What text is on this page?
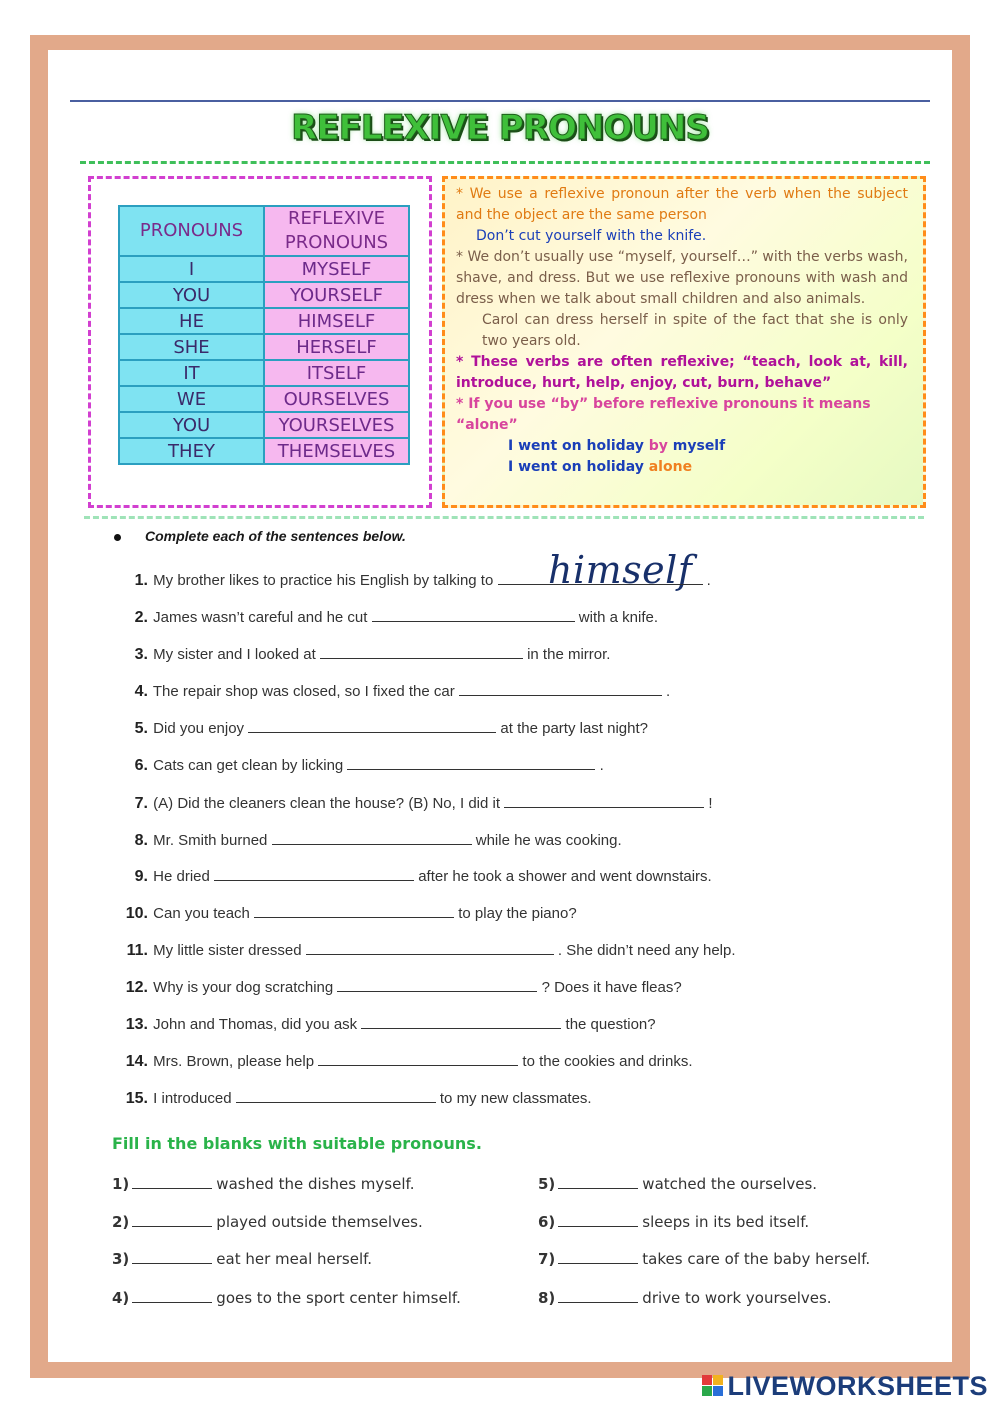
REFLEXIVE PRONOUNS
PRONOUNS	REFLEXIVE PRONOUNS
I	MYSELF
YOU	YOURSELF
HE	HIMSELF
SHE	HERSELF
IT	ITSELF
WE	OURSELVES
YOU	YOURSELVES
THEY	THEMSELVES

* We use a reflexive pronoun after the verb when the subject and the object are the same person

Don’t cut yourself with the knife.

* We don’t usually use “myself, yourself…” with the verbs wash, shave, and dress. But we use reflexive pronouns with wash and dress when we talk about small children and also animals.

Carol can dress herself in spite of the fact that she is only two years old.

* These verbs are often reflexive; “teach, look at, kill, introduce, hurt, help, enjoy, cut, burn, behave”

* If you use “by” before reflexive pronouns it means “alone”

I went on holiday by myself

I went on holiday alone

Complete each of the sentences below.
himself
1. My brother likes to practice his English by talking to	.
2. James wasn’t careful and he cut	with a knife.
3. My sister and I looked at	in the mirror.
4. The repair shop was closed, so I fixed the car	.
5. Did you enjoy	at the party last night?
6. Cats can get clean by licking	.
7. (A) Did the cleaners clean the house? (B) No, I did it	!
8. Mr. Smith burned	while he was cooking.
9. He dried	after he took a shower and went downstairs.
10. Can you teach	to play the piano?
11. My little sister dressed	. She didn’t need any help.
12. Why is your dog scratching	? Does it have fleas?
13. John and Thomas, did you ask	the question?
14. Mrs. Brown, please help	to the cookies and drinks.
15. I introduced	to my new classmates.
Fill in the blanks with suitable pronouns.
1)	washed the dishes myself.
2)	played outside themselves.
3)	eat her meal herself.
4)	goes to the sport center himself.
5)	watched the ourselves.
6)	sleeps in its bed itself.
7)	takes care of the baby herself.
8)	drive to work yourselves.
LIVEWORKSHEETS
